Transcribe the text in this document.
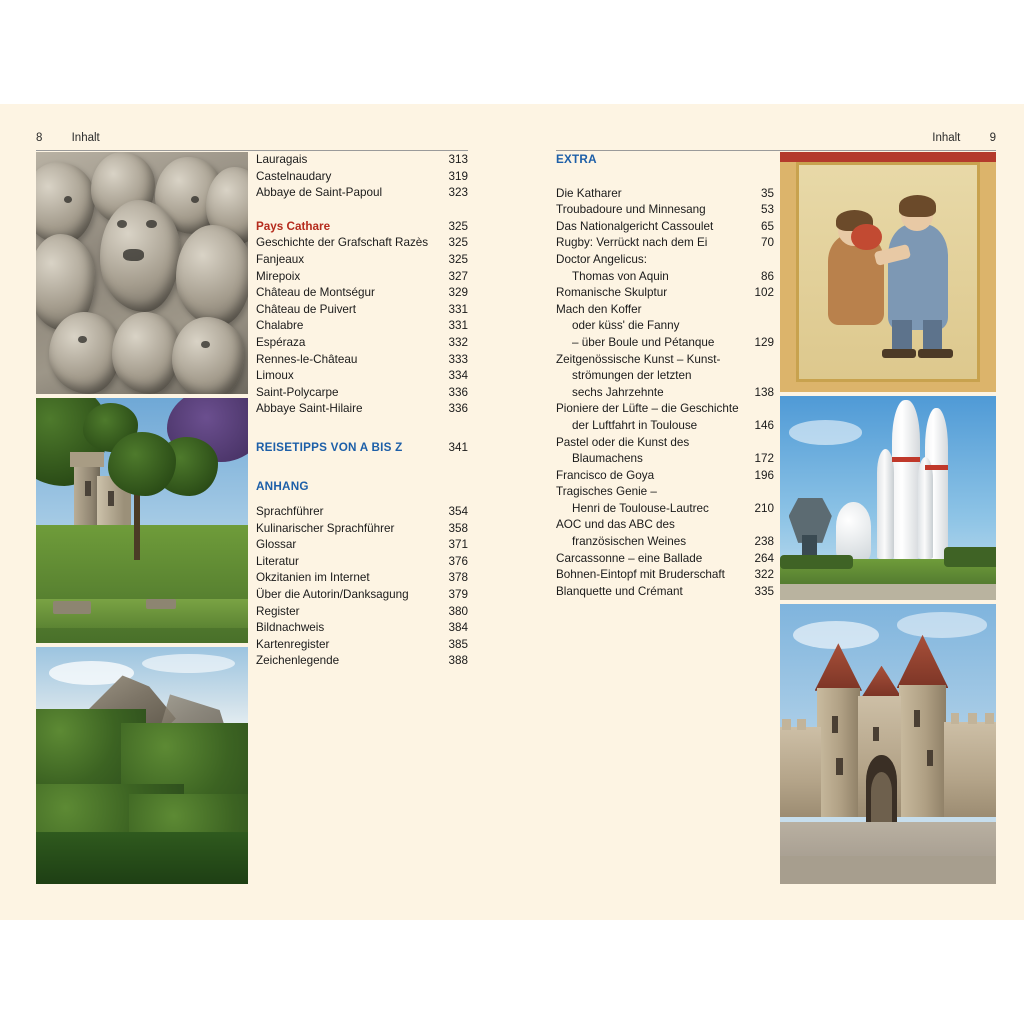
8	Inhalt
Lauragais	313
Castelnaudary	319
Abbaye de Saint-Papoul	323
Pays Cathare	325
Geschichte der Grafschaft Razès	325
Fanjeaux	325
Mirepoix	327
Château de Montségur	329
Château de Puivert	331
Chalabre	331
Espéraza	332
Rennes-le-Château	333
Limoux	334
Saint-Polycarpe	336
Abbaye Saint-Hilaire	336
REISETIPPS VON A BIS Z	341
ANHANG
Sprachführer	354
Kulinarischer Sprachführer	358
Glossar	371
Literatur	376
Okzitanien im Internet	378
Über die Autorin/Danksagung	379
Register	380
Bildnachweis	384
Kartenregister	385
Zeichenlegende	388
Inhalt	9
EXTRA
Die Katharer	35
Troubadoure und Minnesang	53
Das Nationalgericht Cassoulet	65
Rugby: Verrückt nach dem Ei	70
Doctor Angelicus:
Thomas von Aquin	86
Romanische Skulptur	102
Mach den Koffer
oder küss' die Fanny
– über Boule und Pétanque	129
Zeitgenössische Kunst – Kunst-
strömungen der letzten
sechs Jahrzehnte	138
Pioniere der Lüfte – die Geschichte
der Luftfahrt in Toulouse	146
Pastel oder die Kunst des
Blaumachens	172
Francisco de Goya	196
Tragisches Genie –
Henri de Toulouse-Lautrec	210
AOC und das ABC des
französischen Weines	238
Carcassonne – eine Ballade	264
Bohnen-Eintopf mit Bruderschaft	322
Blanquette und Crémant	335
